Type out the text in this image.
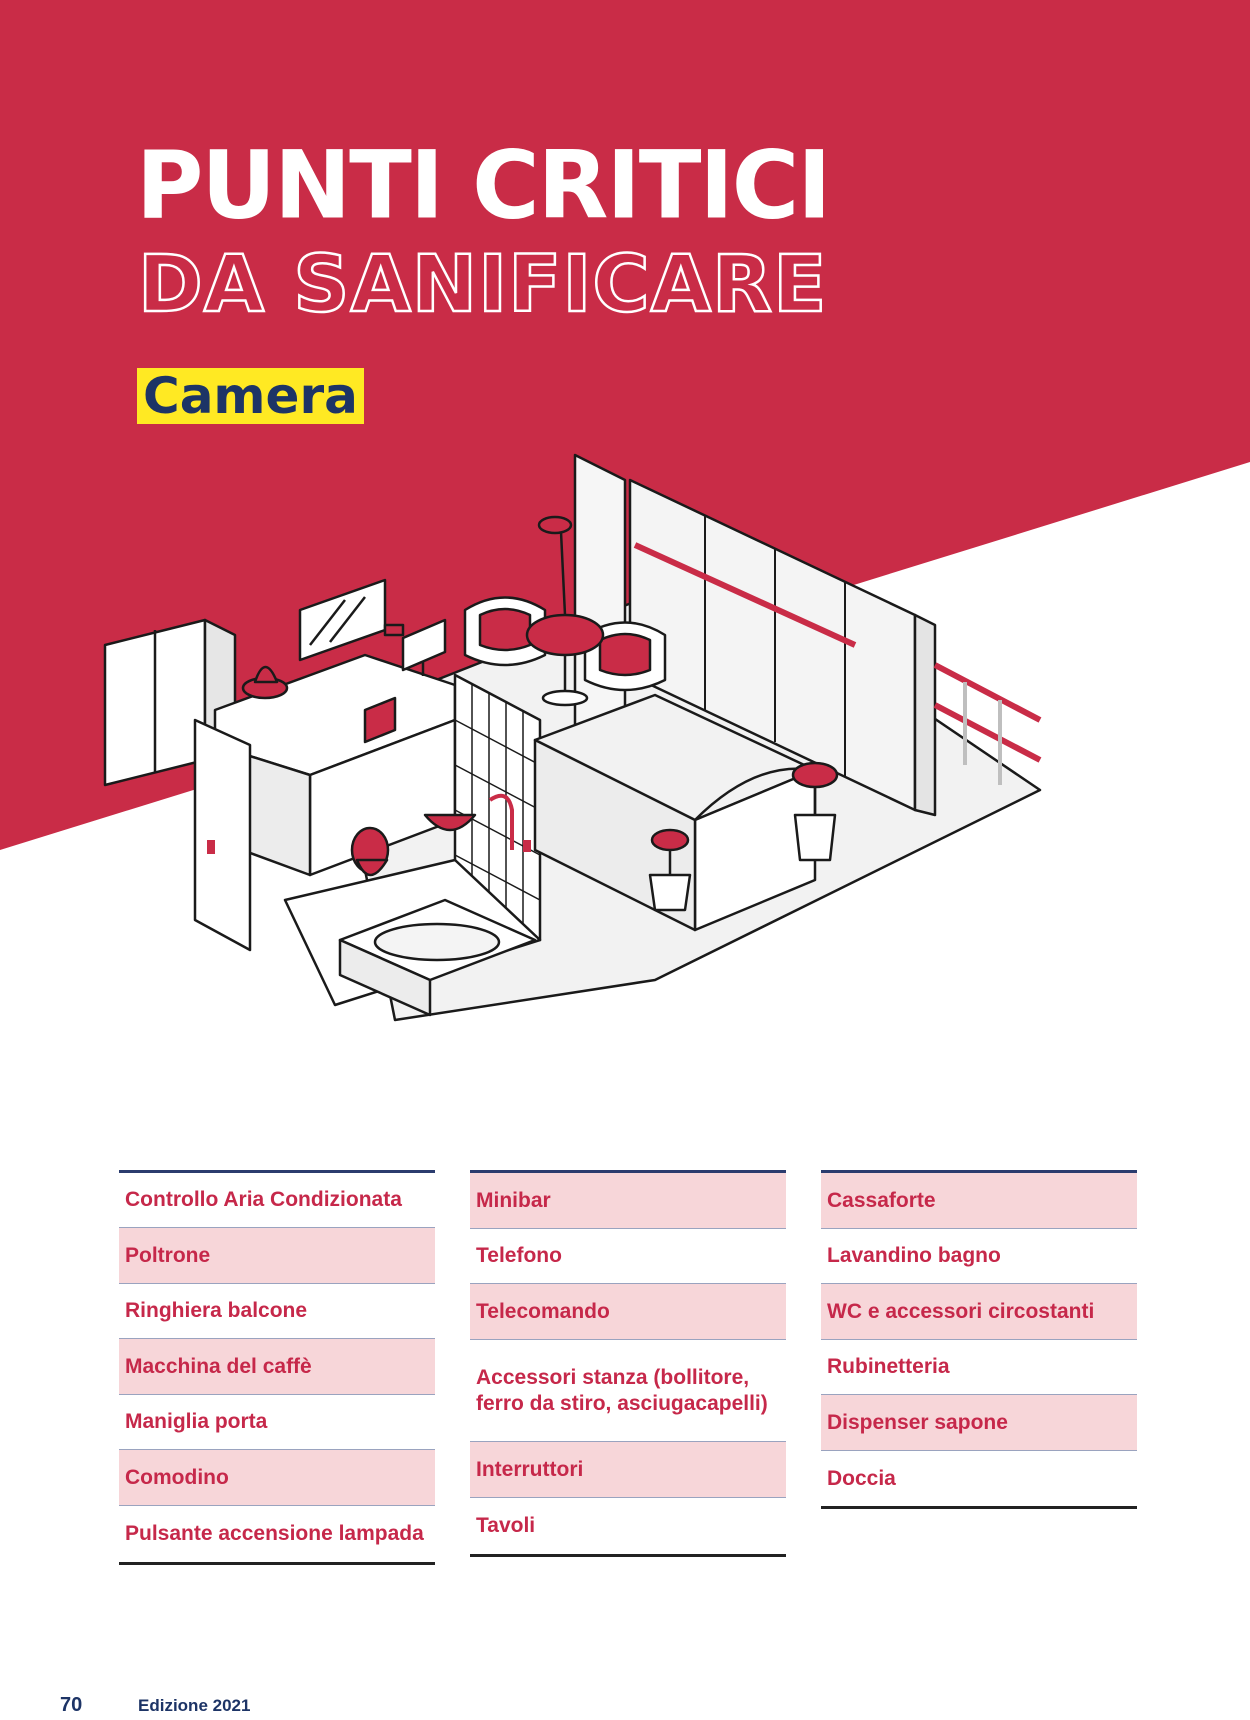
PUNTI CRITICI
DA SANIFICARE
Camera
Controllo Aria Condizionata
Poltrone
Ringhiera balcone
Macchina del caffè
Maniglia porta
Comodino
Pulsante accensione lampada
Minibar
Telefono
Telecomando
Accessori stanza (bollitore, ferro da stiro, asciugacapelli)
Interruttori
Tavoli
Cassaforte
Lavandino bagno
WC e accessori circostanti
Rubinetteria
Dispenser sapone
Doccia
70	Edizione 2021
